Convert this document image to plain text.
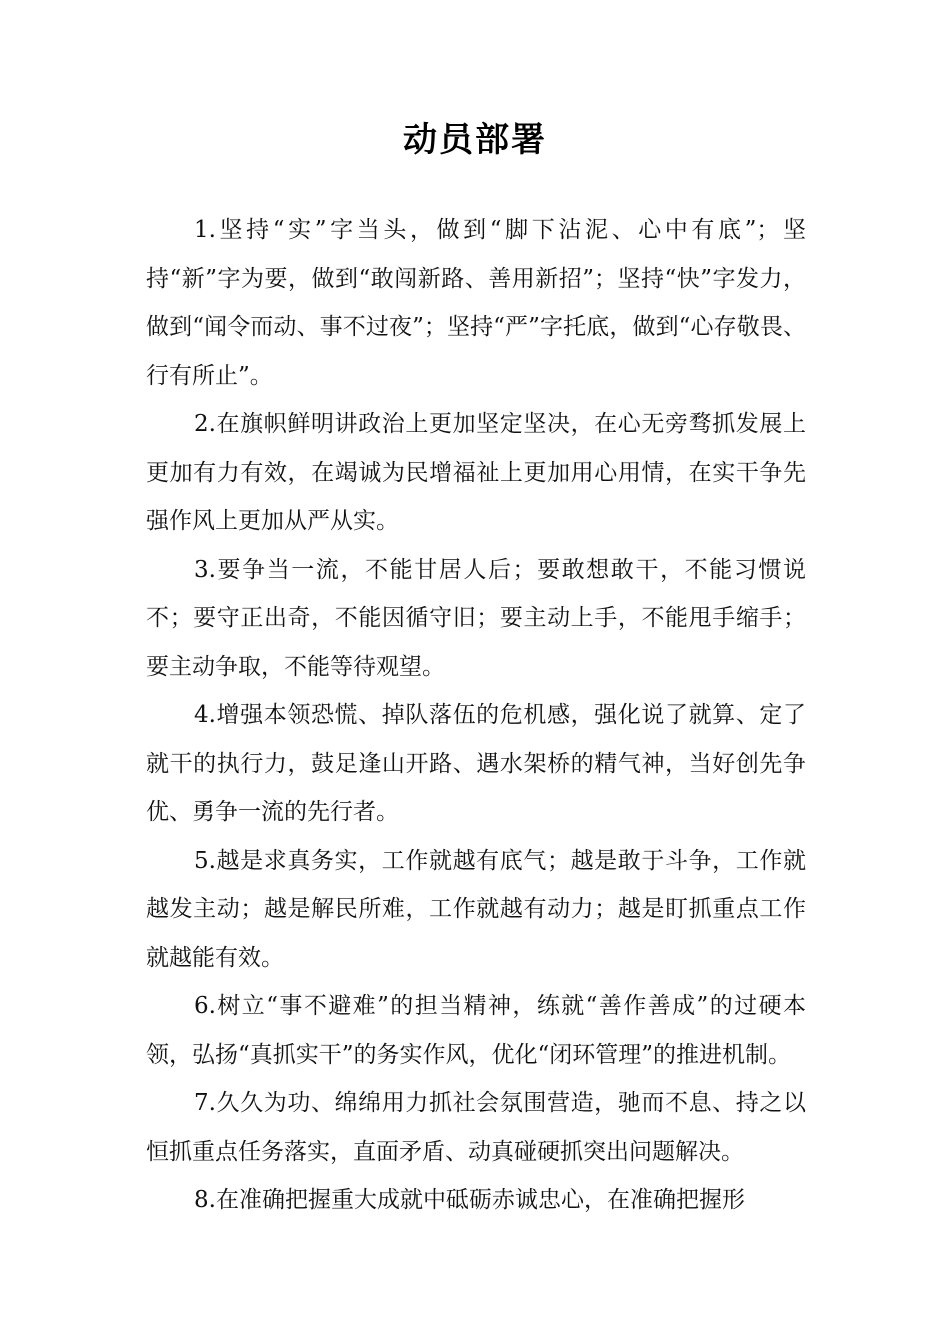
动员部署

1.坚持“实”字当头，做到“脚下沾泥、心中有底”；坚持“新”字为要，做到“敢闯新路、善用新招”；坚持“快”字发力，做到“闻令而动、事不过夜”；坚持“严”字托底，做到“心存敬畏、行有所止”。

2.在旗帜鲜明讲政治上更加坚定坚决，在心无旁骛抓发展上更加有力有效，在竭诚为民增福祉上更加用心用情，在实干争先强作风上更加从严从实。

3.要争当一流，不能甘居人后；要敢想敢干，不能习惯说不；要守正出奇，不能因循守旧；要主动上手，不能甩手缩手；要主动争取，不能等待观望。

4.增强本领恐慌、掉队落伍的危机感，强化说了就算、定了就干的执行力，鼓足逢山开路、遇水架桥的精气神，当好创先争优、勇争一流的先行者。

5.越是求真务实，工作就越有底气；越是敢于斗争，工作就越发主动；越是解民所难，工作就越有动力；越是盯抓重点工作就越能有效。

6.树立“事不避难”的担当精神，练就“善作善成”的过硬本领，弘扬“真抓实干”的务实作风，优化“闭环管理”的推进机制。

7.久久为功、绵绵用力抓社会氛围营造，驰而不息、持之以恒抓重点任务落实，直面矛盾、动真碰硬抓突出问题解决。

8.在准确把握重大成就中砥砺赤诚忠心，在准确把握形
